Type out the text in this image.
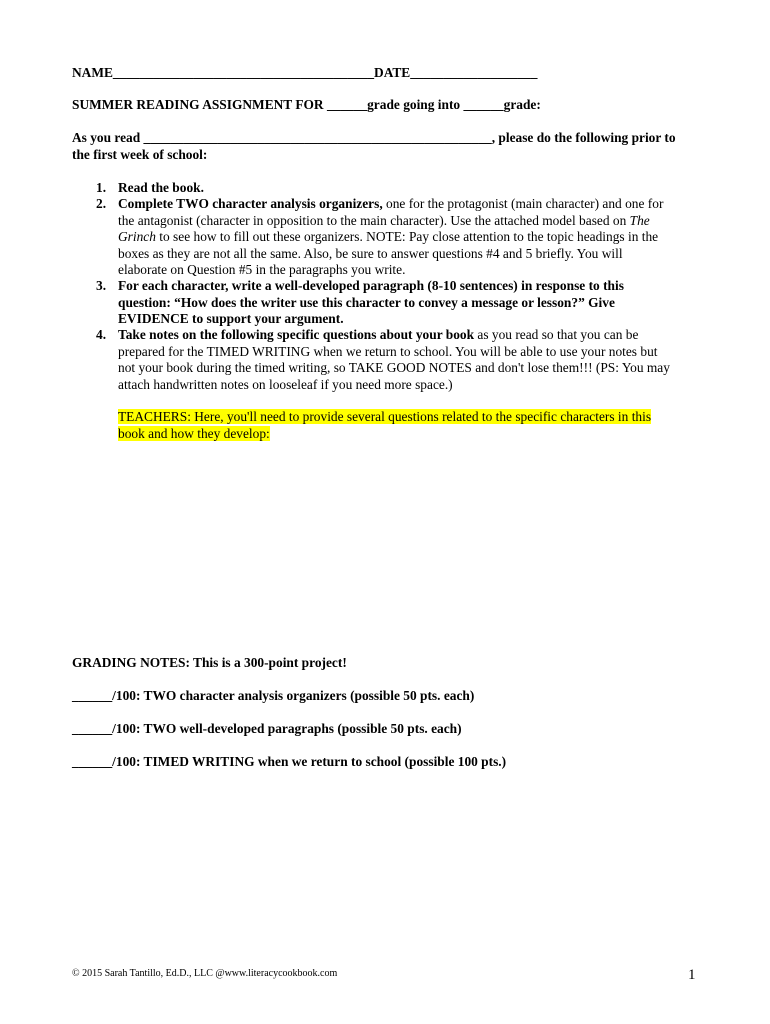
NAME_______________________________________DATE___________________
SUMMER READING ASSIGNMENT FOR ______grade going into ______grade:
As you read ____________________________________________________, please do the following prior to
the first week of school:
1. Read the book.
2. Complete TWO character analysis organizers, one for the protagonist (main character) and one for
the antagonist (character in opposition to the main character). Use the attached model based on The
Grinch to see how to fill out these organizers. NOTE: Pay close attention to the topic headings in the
boxes as they are not all the same. Also, be sure to answer questions #4 and 5 briefly. You will
elaborate on Question #5 in the paragraphs you write.
3. For each character, write a well-developed paragraph (8-10 sentences) in response to this
question: “How does the writer use this character to convey a message or lesson?” Give
EVIDENCE to support your argument.
4. Take notes on the following specific questions about your book as you read so that you can be
prepared for the TIMED WRITING when we return to school. You will be able to use your notes but
not your book during the timed writing, so TAKE GOOD NOTES and don't lose them!!! (PS: You may
attach handwritten notes on looseleaf if you need more space.)
TEACHERS: Here, you'll need to provide several questions related to the specific characters in this
book and how they develop:
GRADING NOTES: This is a 300-point project!
______/100: TWO character analysis organizers (possible 50 pts. each)
______/100: TWO well-developed paragraphs (possible 50 pts. each)
______/100: TIMED WRITING when we return to school (possible 100 pts.)
© 2015 Sarah Tantillo, Ed.D., LLC @www.literacycookbook.com	1
